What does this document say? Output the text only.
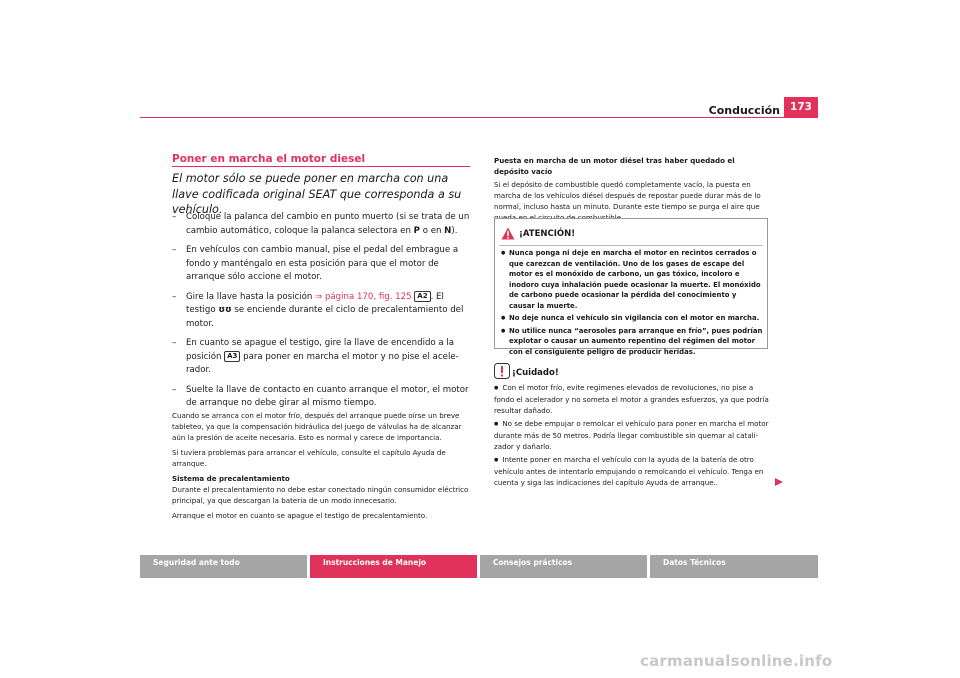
Conducción 173
Poner en marcha el motor diesel
El motor sólo se puede poner en marcha con una llave codificada original SEAT que corresponda a su vehículo.
– Coloque la palanca del cambio en punto muerto (si se trata de un cambio automático, coloque la palanca selectora en P o en N).
– En vehículos con cambio manual, pise el pedal del embrague a fondo y manténgalo en esta posición para que el motor de arranque sólo accione el motor.
– Gire la llave hasta la posición ⇒ página 170, fig. 125 A2 . El testigo ʊʊ se enciende durante el ciclo de precalentamiento del motor.
– En cuanto se apague el testigo, gire la llave de encendido a la posición A3 para poner en marcha el motor y no pise el acelerador.
– Suelte la llave de contacto en cuanto arranque el motor, el motor de arranque no debe girar al mismo tiempo.

Cuando se arranca con el motor frío, después del arranque puede oírse un breve tableteo, ya que la compensación hidráulica del juego de válvulas ha de alcanzar aún la presión de aceite necesaria. Esto es normal y carece de importancia.

Si tuviera problemas para arrancar el vehículo, consulte el capítulo Ayuda de arranque.

Sistema de precalentamiento

Durante el precalentamiento no debe estar conectado ningún consumidor eléctrico principal, ya que descargan la batería de un modo innecesario.

Arranque el motor en cuanto se apague el testigo de precalentamiento.

Puesta en marcha de un motor diésel tras haber quedado el depósito vacío

Si el depósito de combustible quedó completamente vacío, la puesta en marcha de los vehículos diésel después de repostar puede durar más de lo normal, incluso hasta un minuto. Durante este tiempo se purga el aire que

¡ATENCIÓN!
● Nunca ponga ni deje en marcha el motor en recintos cerrados o que carezcan de ventilación. Uno de los gases de escape del motor es el monóxido de carbono, un gas tóxico, incoloro e inodoro cuya inhalación puede ocasionar la muerte. El monóxido de carbono puede ocasionar la pérdida del conocimiento y causar la muerte.
● No deje nunca el vehículo sin vigilancia con el motor en marcha.
● No utilice nunca “aerosoles para arranque en frío”, pues podrían explotar o causar un aumento repentino del régimen del motor con el consiguiente peligro de producir heridas.
¡Cuidado!
● Con el motor frío, evite regímenes elevados de revoluciones, no pise a fondo el acelerador y no someta el motor a grandes esfuerzos, ya que podría resultar dañado.
● No se debe empujar o remolcar el vehículo para poner en marcha el motor durante más de 50 metros. Podría llegar combustible sin quemar al catalizador y dañarlo.
● Intente poner en marcha el vehículo con la ayuda de la batería de otro vehículo antes de intentarlo empujando o remolcando el vehículo. Tenga en cuenta y siga las indicaciones del capítulo Ayuda de arranque..
Seguridad ante todo	Instrucciones de Manejo	Consejos prácticos	Datos Técnicos
carmanualsonline.info
